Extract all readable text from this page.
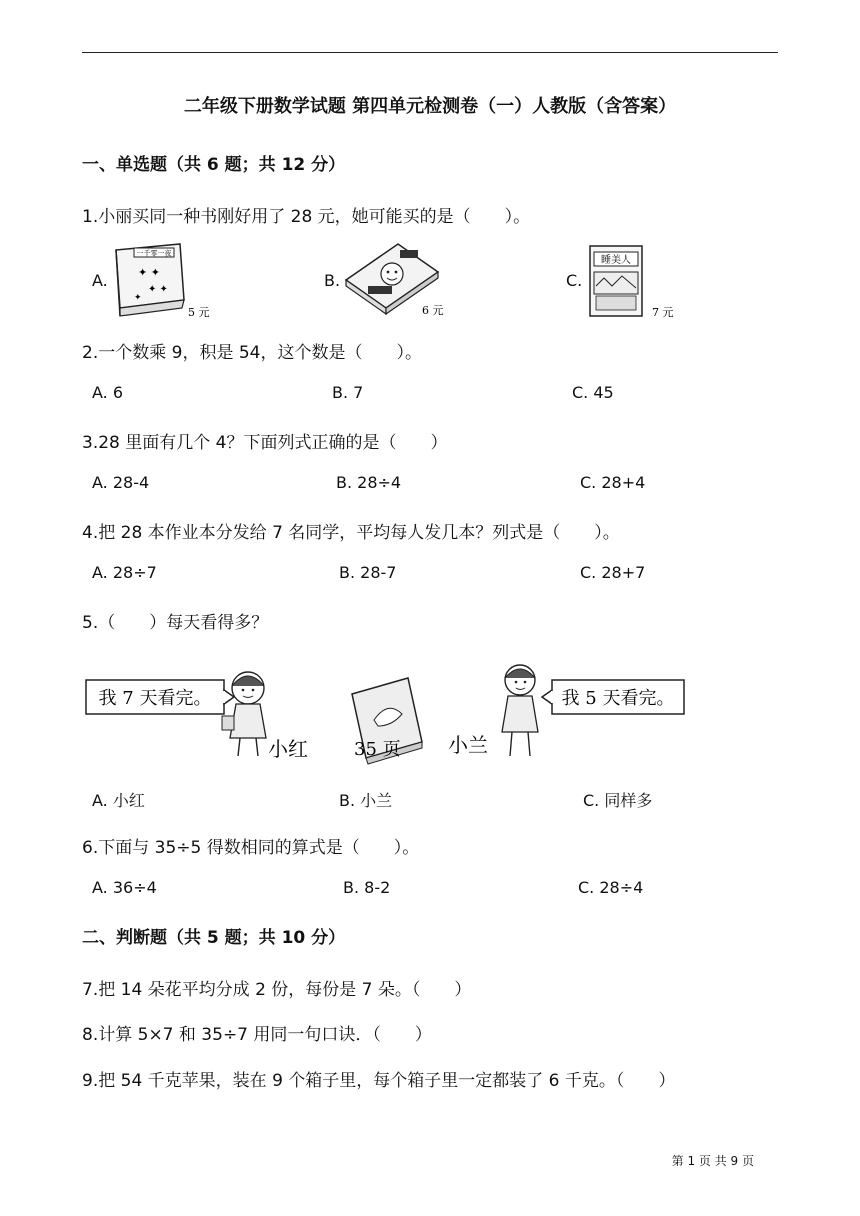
二年级下册数学试题 第四单元检测卷（一）人教版（含答案）
一、单选题（共 6 题；共 12 分）
1.小丽买同一种书刚好用了 28 元，她可能买的是（　　）。
A.
一千零一夜
✦ ✦
✦ ✦
✦
5 元
B.
6 元
C.
睡美人
7 元
2.一个数乘 9，积是 54，这个数是（　　）。
A. 6	B. 7	C. 45
3.28 里面有几个 4？下面列式正确的是（　　）
A. 28-4	B. 28÷4	C. 28+4
4.把 28 本作业本分发给 7 名同学，平均每人发几本？列式是（　　）。
A. 28÷7	B. 28-7	C. 28+7
5.（　　）每天看得多？
我 7 天看完。
小红	35 页 小兰
我 5 天看完。
A. 小红	B. 小兰	C. 同样多
6.下面与 35÷5 得数相同的算式是（　　）。
A. 36÷4	B. 8-2	C. 28÷4
二、判断题（共 5 题；共 10 分）
7.把 14 朵花平均分成 2 份，每份是 7 朵。（　　）
8.计算 5×7 和 35÷7 用同一句口诀．（　　）
9.把 54 千克苹果，装在 9 个箱子里，每个箱子里一定都装了 6 千克。（　　）
第 1 页 共 9 页
